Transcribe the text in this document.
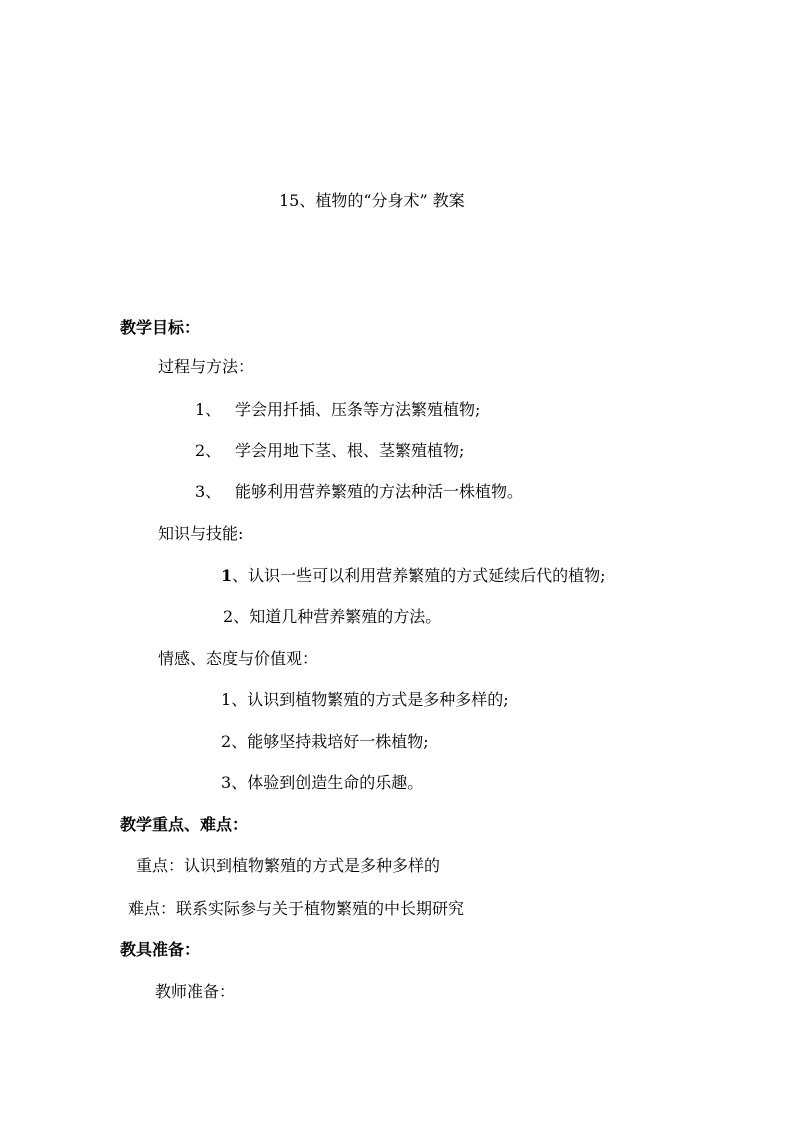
15、植物的“分身术” 教案
教学目标：
过程与方法：
1、 学会用扦插、压条等方法繁殖植物;
2、 学会用地下茎、根、茎繁殖植物;
3、 能够利用营养繁殖的方法种活一株植物。
知识与技能:
1、认识一些可以利用营养繁殖的方式延续后代的植物;
2、知道几种营养繁殖的方法。
情感、态度与价值观：
1、认识到植物繁殖的方式是多种多样的;
2、能够坚持栽培好一株植物;
3、体验到创造生命的乐趣。
教学重点、难点：
重点：认识到植物繁殖的方式是多种多样的
难点：联系实际参与关于植物繁殖的中长期研究
教具准备：
教师准备：
